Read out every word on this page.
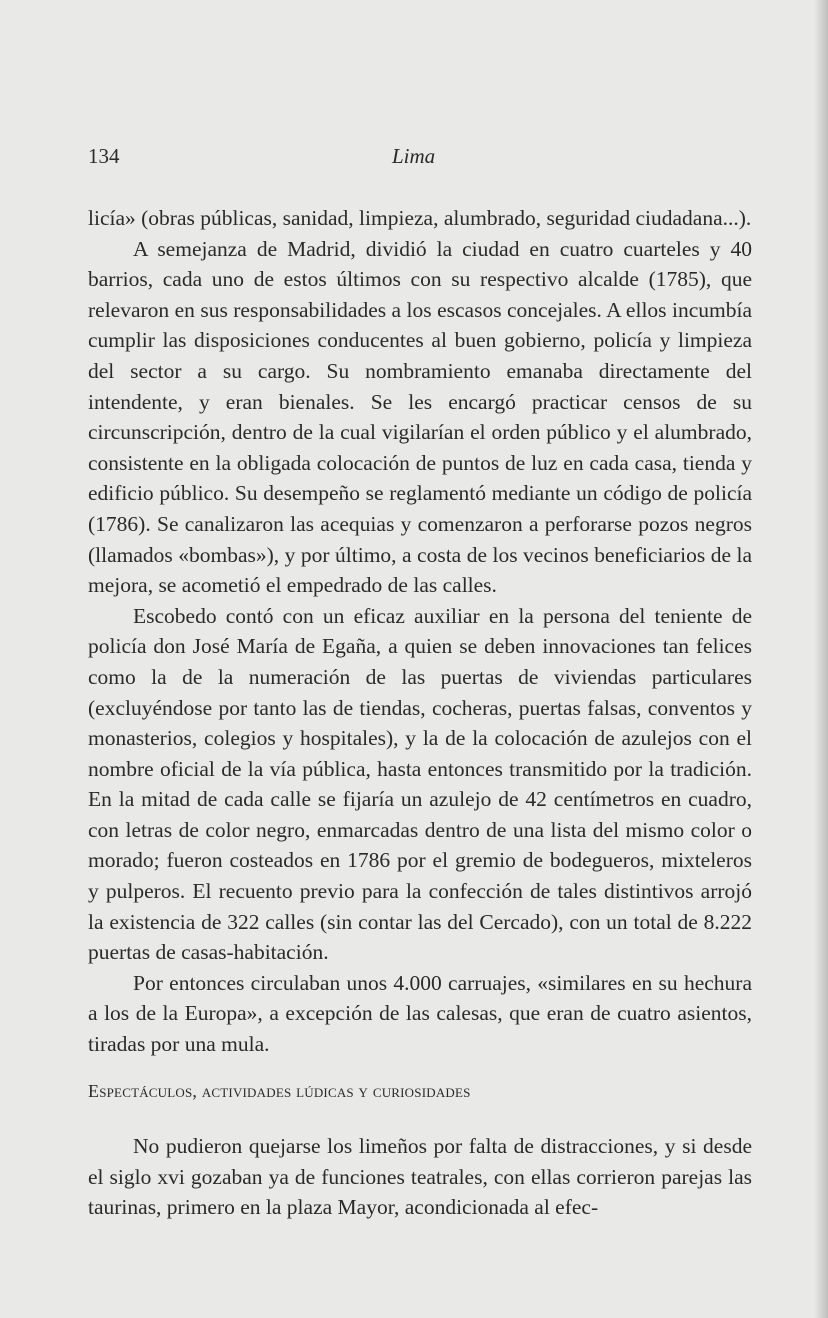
134	Lima

licía» (obras públicas, sanidad, limpieza, alumbrado, seguridad ciudadana...).

A semejanza de Madrid, dividió la ciudad en cuatro cuarteles y 40 barrios, cada uno de estos últimos con su respectivo alcalde (1785), que relevaron en sus responsabilidades a los escasos concejales. A ellos incumbía cumplir las disposiciones conducentes al buen gobierno, policía y limpieza del sector a su cargo. Su nombramiento emanaba directamente del intendente, y eran bienales. Se les encargó practicar censos de su circunscripción, dentro de la cual vigilarían el orden público y el alumbrado, consistente en la obligada colocación de puntos de luz en cada casa, tienda y edificio público. Su desempeño se reglamentó mediante un código de policía (1786). Se canalizaron las acequias y comenzaron a perforarse pozos negros (llamados «bombas»), y por último, a costa de los vecinos beneficiarios de la mejora, se acometió el empedrado de las calles.

Escobedo contó con un eficaz auxiliar en la persona del teniente de policía don José María de Egaña, a quien se deben innovaciones tan felices como la de la numeración de las puertas de viviendas particulares (excluyéndose por tanto las de tiendas, cocheras, puertas falsas, conventos y monasterios, colegios y hospitales), y la de la colocación de azulejos con el nombre oficial de la vía pública, hasta entonces transmitido por la tradición. En la mitad de cada calle se fijaría un azulejo de 42 centímetros en cuadro, con letras de color negro, enmarcadas dentro de una lista del mismo color o morado; fueron costeados en 1786 por el gremio de bodegueros, mixteleros y pulperos. El recuento previo para la confección de tales distintivos arrojó la existencia de 322 calles (sin contar las del Cercado), con un total de 8.222 puertas de casas-habitación.

Por entonces circulaban unos 4.000 carruajes, «similares en su hechura a los de la Europa», a excepción de las calesas, que eran de cuatro asientos, tiradas por una mula.

Espectáculos, actividades lúdicas y curiosidades

No pudieron quejarse los limeños por falta de distracciones, y si desde el siglo xvi gozaban ya de funciones teatrales, con ellas corrieron parejas las taurinas, primero en la plaza Mayor, acondicionada al efec-
